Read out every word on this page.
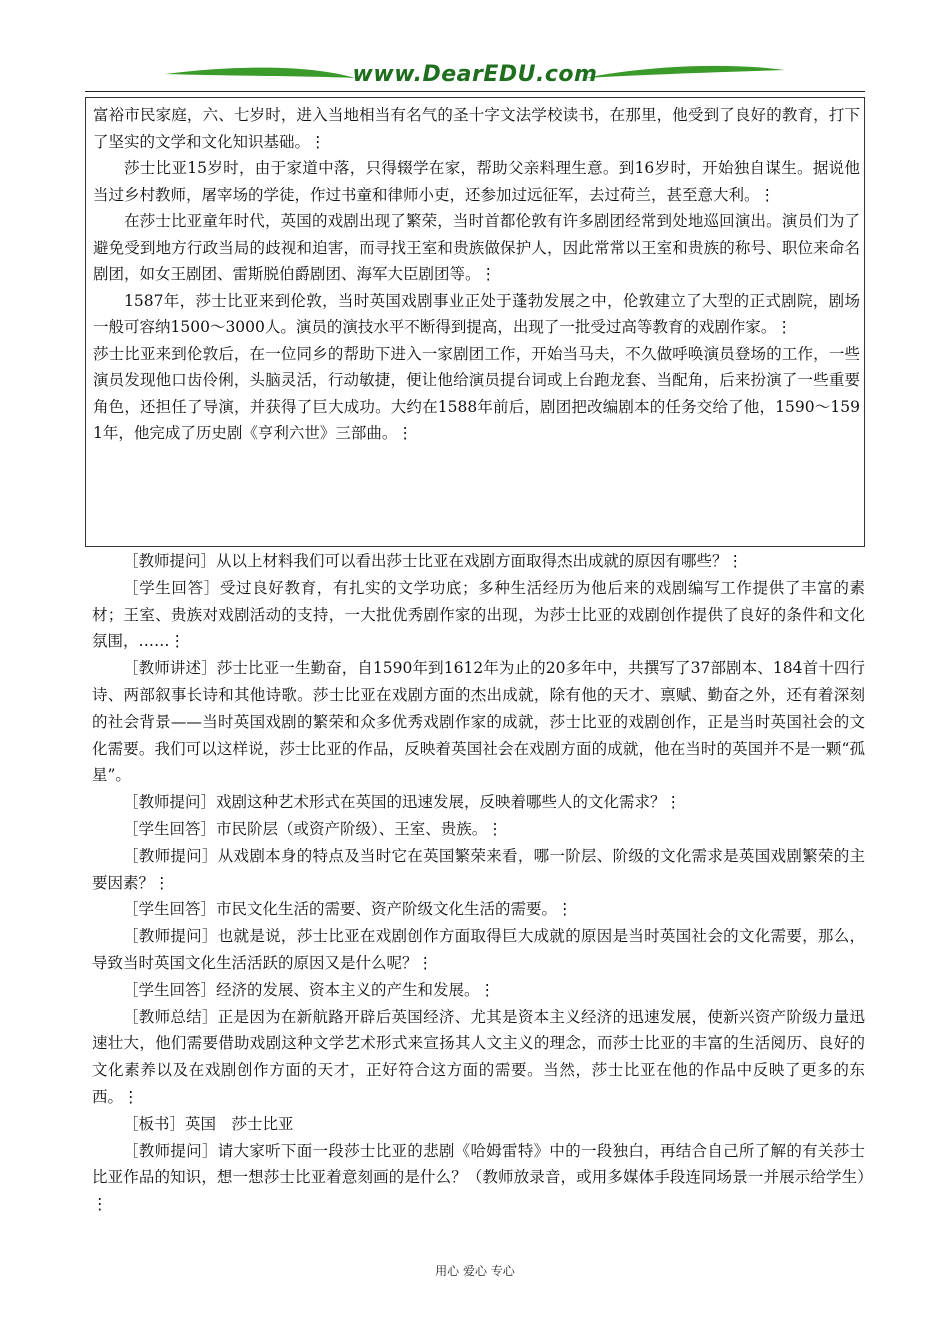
www.DearEDU.com

富裕市民家庭，六、七岁时，进入当地相当有名气的圣十字文法学校读书，在那里，他受到了良好的教育，打下了坚实的文学和文化知识基础。⋮

莎士比亚15岁时，由于家道中落，只得辍学在家，帮助父亲料理生意。到16岁时，开始独自谋生。据说他当过乡村教师，屠宰场的学徒，作过书童和律师小吏，还参加过远征军，去过荷兰，甚至意大利。⋮

在莎士比亚童年时代，英国的戏剧出现了繁荣，当时首都伦敦有许多剧团经常到处地巡回演出。演员们为了避免受到地方行政当局的歧视和迫害，而寻找王室和贵族做保护人，因此常常以王室和贵族的称号、职位来命名剧团，如女王剧团、雷斯脱伯爵剧团、海军大臣剧团等。⋮

1587年，莎士比亚来到伦敦，当时英国戏剧事业正处于蓬勃发展之中，伦敦建立了大型的正式剧院，剧场一般可容纳1500～3000人。演员的演技水平不断得到提高，出现了一批受过高等教育的戏剧作家。⋮

莎士比亚来到伦敦后，在一位同乡的帮助下进入一家剧团工作，开始当马夫，不久做呼唤演员登场的工作，一些演员发现他口齿伶俐，头脑灵活，行动敏捷，便让他给演员提台词或上台跑龙套、当配角，后来扮演了一些重要角色，还担任了导演，并获得了巨大成功。大约在1588年前后，剧团把改编剧本的任务交给了他，1590～1591年，他完成了历史剧《亨利六世》三部曲。⋮

［教师提问］从以上材料我们可以看出莎士比亚在戏剧方面取得杰出成就的原因有哪些？⋮

［学生回答］受过良好教育，有扎实的文学功底；多种生活经历为他后来的戏剧编写工作提供了丰富的素材；王室、贵族对戏剧活动的支持，一大批优秀剧作家的出现，为莎士比亚的戏剧创作提供了良好的条件和文化氛围，……⋮

［教师讲述］莎士比亚一生勤奋，自1590年到1612年为止的20多年中，共撰写了37部剧本、184首十四行诗、两部叙事长诗和其他诗歌。莎士比亚在戏剧方面的杰出成就，除有他的天才、禀赋、勤奋之外，还有着深刻的社会背景——当时英国戏剧的繁荣和众多优秀戏剧作家的成就，莎士比亚的戏剧创作，正是当时英国社会的文化需要。我们可以这样说，莎士比亚的作品，反映着英国社会在戏剧方面的成就，他在当时的英国并不是一颗“孤星”。

［教师提问］戏剧这种艺术形式在英国的迅速发展，反映着哪些人的文化需求？⋮

［学生回答］市民阶层（或资产阶级）、王室、贵族。⋮

［教师提问］从戏剧本身的特点及当时它在英国繁荣来看，哪一阶层、阶级的文化需求是英国戏剧繁荣的主要因素？⋮

［学生回答］市民文化生活的需要、资产阶级文化生活的需要。⋮

［教师提问］也就是说，莎士比亚在戏剧创作方面取得巨大成就的原因是当时英国社会的文化需要，那么，导致当时英国文化生活活跃的原因又是什么呢？⋮

［学生回答］经济的发展、资本主义的产生和发展。⋮

［教师总结］正是因为在新航路开辟后英国经济、尤其是资本主义经济的迅速发展，使新兴资产阶级力量迅速壮大，他们需要借助戏剧这种文学艺术形式来宣扬其人文主义的理念，而莎士比亚的丰富的生活阅历、良好的文化素养以及在戏剧创作方面的天才，正好符合这方面的需要。当然，莎士比亚在他的作品中反映了更多的东西。⋮

［板书］英国　莎士比亚

［教师提问］请大家听下面一段莎士比亚的悲剧《哈姆雷特》中的一段独白，再结合自己所了解的有关莎士比亚作品的知识，想一想莎士比亚着意刻画的是什么？（教师放录音，或用多媒体手段连同场景一并展示给学生）⋮

用心 爱心 专心
